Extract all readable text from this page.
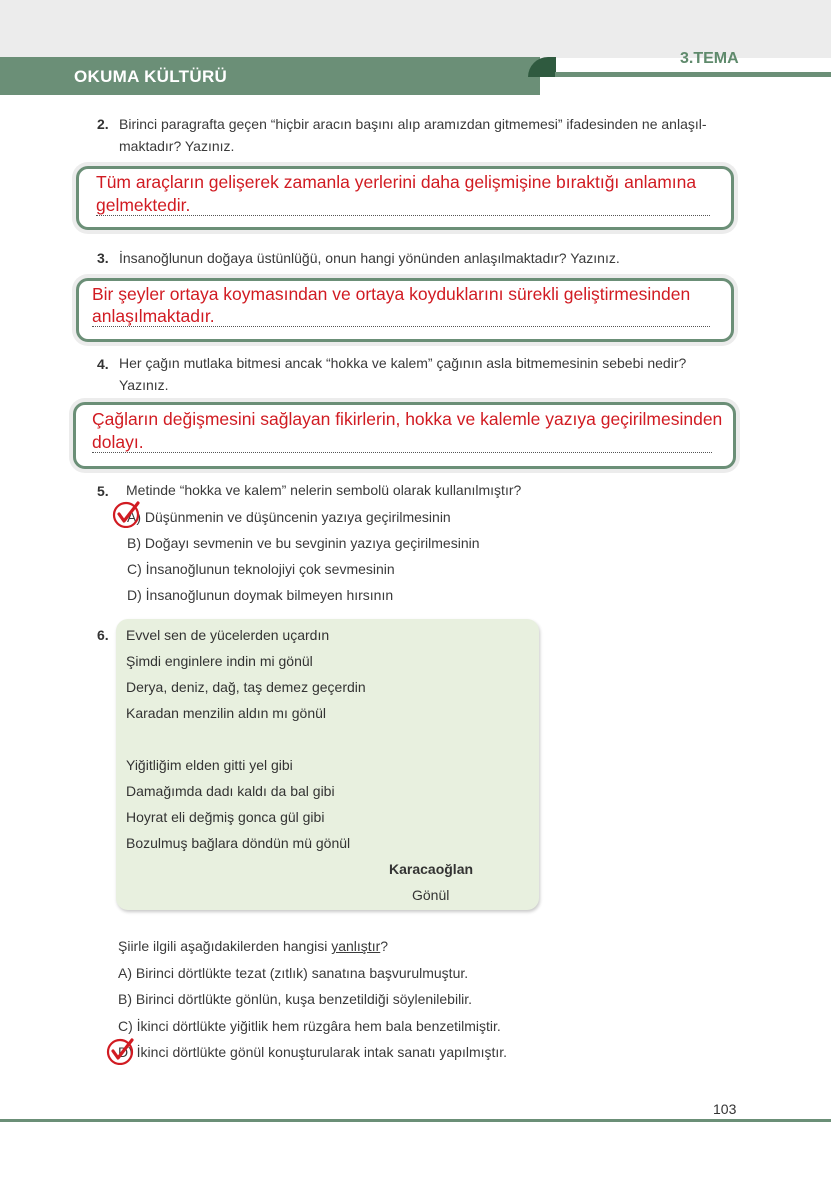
OKUMA KÜLTÜRÜ
3.TEMA
2. Birinci paragrafta geçen “hiçbir aracın başını alıp aramızdan gitmemesi” ifadesinden ne anlaşıl-
maktadır? Yazınız.
Tüm araçların gelişerek zamanla yerlerini daha gelişmişine bıraktığı anlamına
gelmektedir.
3. İnsanoğlunun doğaya üstünlüğü, onun hangi yönünden anlaşılmaktadır? Yazınız.
Bir şeyler ortaya koymasından ve ortaya koyduklarını sürekli geliştirmesinden
anlaşılmaktadır.
4. Her çağın mutlaka bitmesi ancak “hokka ve kalem” çağının asla bitmemesinin sebebi nedir?
Yazınız.
Çağların değişmesini sağlayan fikirlerin, hokka ve kalemle yazıya geçirilmesinden
dolayı.
5. Metinde “hokka ve kalem” nelerin sembolü olarak kullanılmıştır?
A) Düşünmenin ve düşüncenin yazıya geçirilmesinin
B) Doğayı sevmenin ve bu sevginin yazıya geçirilmesinin
C) İnsanoğlunun teknolojiyi çok sevmesinin
D) İnsanoğlunun doymak bilmeyen hırsının
6. Evvel sen de yücelerden uçardın
Şimdi enginlere indin mi gönül
Derya, deniz, dağ, taş demez geçerdin
Karadan menzilin aldın mı gönül
Yiğitliğim elden gitti yel gibi
Damağımda dadı kaldı da bal gibi
Hoyrat eli değmiş gonca gül gibi
Bozulmuş bağlara döndün mü gönül
Karacaoğlan
Gönül
Şiirle ilgili aşağıdakilerden hangisi yanlıştır?
A) Birinci dörtlükte tezat (zıtlık) sanatına başvurulmuştur.
B) Birinci dörtlükte gönlün, kuşa benzetildiği söylenilebilir.
C) İkinci dörtlükte yiğitlik hem rüzgâra hem bala benzetilmiştir.
D) İkinci dörtlükte gönül konuşturularak intak sanatı yapılmıştır.
103
